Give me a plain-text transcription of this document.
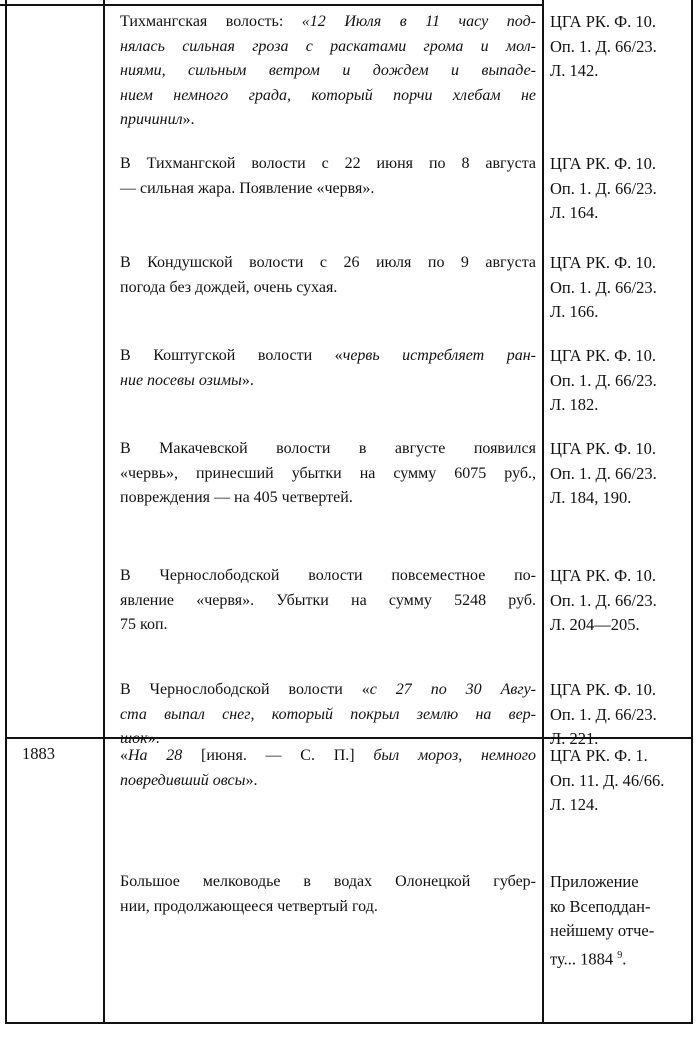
1883
Тихмангская волость: «12 Июля в 11 часу под-
нялась сильная гроза с раскатами грома и мол-
ниями, сильным ветром и дождем и выпаде-
нием немного града, который порчи хлебам не
причинил».
ЦГА РК. Ф. 10.
Оп. 1. Д. 66/23.
Л. 142.
В Тихмангской волости с 22 июня по 8 августа
— сильная жара. Появление «червя».
ЦГА РК. Ф. 10.
Оп. 1. Д. 66/23.
Л. 164.
В Кондушской волости с 26 июля по 9 августа
погода без дождей, очень сухая.
ЦГА РК. Ф. 10.
Оп. 1. Д. 66/23.
Л. 166.
В Коштугской волости «червь истребляет ран-
ние посевы озимы».
ЦГА РК. Ф. 10.
Оп. 1. Д. 66/23.
Л. 182.
В Макачевской волости в августе появился
«червь», принесший убытки на сумму 6075 руб.,
повреждения — на 405 четвертей.
ЦГА РК. Ф. 10.
Оп. 1. Д. 66/23.
Л. 184, 190.
В Чернослободской волости повсеместное по-
явление «червя». Убытки на сумму 5248 руб.
75 коп.
ЦГА РК. Ф. 10.
Оп. 1. Д. 66/23.
Л. 204—205.
В Чернослободской волости «с 27 по 30 Авгу-
ста выпал снег, который покрыл землю на вер-
шок».
ЦГА РК. Ф. 10.
Оп. 1. Д. 66/23.
Л. 221.
«На 28 [июня. — С. П.] был мороз, немного
повредивший овсы».
ЦГА РК. Ф. 1.
Оп. 11. Д. 46/66.
Л. 124.
Большое мелководье в водах Олонецкой губер-
нии, продолжающееся четвертый год.
Приложение
ко Всеподдан-
нейшему отче-
ту... 1884 $^9$.
